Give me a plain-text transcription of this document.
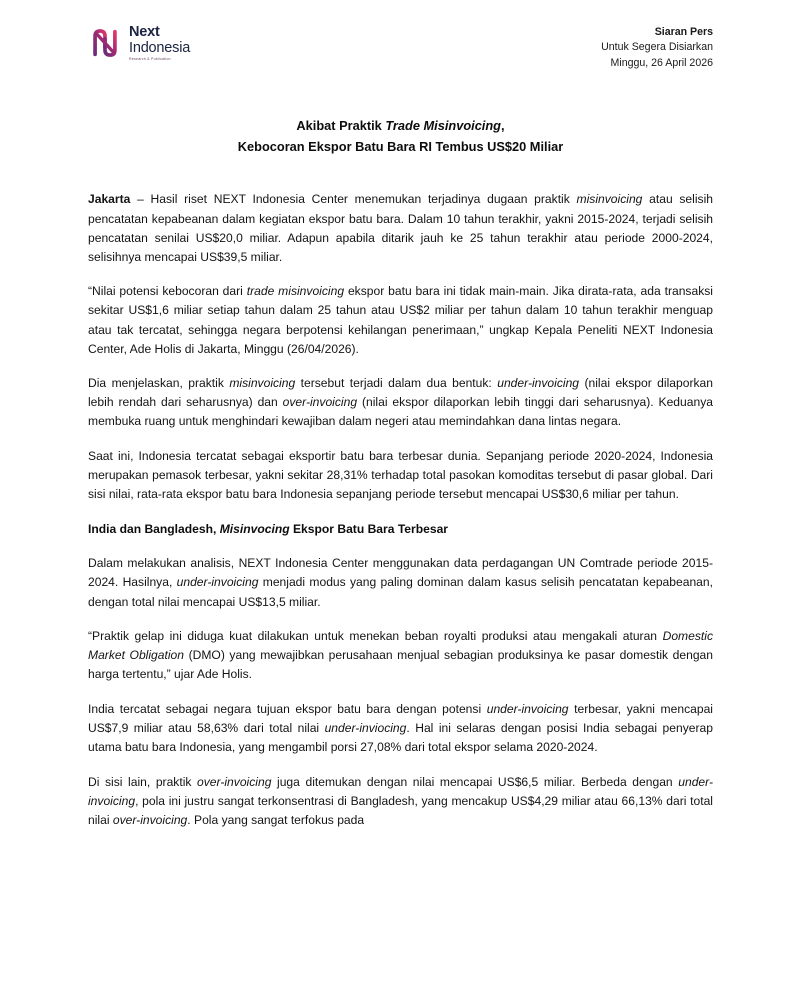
Next
Indonesia
Research & Publication
Siaran Pers
Untuk Segera Disiarkan
Minggu, 26 April 2026
Akibat Praktik Trade Misinvoicing,
Kebocoran Ekspor Batu Bara RI Tembus US$20 Miliar

Jakarta – Hasil riset NEXT Indonesia Center menemukan terjadinya dugaan praktik misinvoicing atau selisih pencatatan kepabeanan dalam kegiatan ekspor batu bara. Dalam 10 tahun terakhir, yakni 2015-2024, terjadi selisih pencatatan senilai US$20,0 miliar. Adapun apabila ditarik jauh ke 25 tahun terakhir atau periode 2000-2024, selisihnya mencapai US$39,5 miliar.

“Nilai potensi kebocoran dari trade misinvoicing ekspor batu bara ini tidak main-main. Jika dirata-rata, ada transaksi sekitar US$1,6 miliar setiap tahun dalam 25 tahun atau US$2 miliar per tahun dalam 10 tahun terakhir menguap atau tak tercatat, sehingga negara berpotensi kehilangan penerimaan,” ungkap Kepala Peneliti NEXT Indonesia Center, Ade Holis di Jakarta, Minggu (26/04/2026).

Dia menjelaskan, praktik misinvoicing tersebut terjadi dalam dua bentuk: under-invoicing (nilai ekspor dilaporkan lebih rendah dari seharusnya) dan over-invoicing (nilai ekspor dilaporkan lebih tinggi dari seharusnya). Keduanya membuka ruang untuk menghindari kewajiban dalam negeri atau memindahkan dana lintas negara.

Saat ini, Indonesia tercatat sebagai eksportir batu bara terbesar dunia. Sepanjang periode 2020-2024, Indonesia merupakan pemasok terbesar, yakni sekitar 28,31% terhadap total pasokan komoditas tersebut di pasar global. Dari sisi nilai, rata-rata ekspor batu bara Indonesia sepanjang periode tersebut mencapai US$30,6 miliar per tahun.

India dan Bangladesh, Misinvocing Ekspor Batu Bara Terbesar

Dalam melakukan analisis, NEXT Indonesia Center menggunakan data perdagangan UN Comtrade periode 2015-2024. Hasilnya, under-invoicing menjadi modus yang paling dominan dalam kasus selisih pencatatan kepabeanan, dengan total nilai mencapai US$13,5 miliar.

“Praktik gelap ini diduga kuat dilakukan untuk menekan beban royalti produksi atau mengakali aturan Domestic Market Obligation (DMO) yang mewajibkan perusahaan menjual sebagian produksinya ke pasar domestik dengan harga tertentu,” ujar Ade Holis.

India tercatat sebagai negara tujuan ekspor batu bara dengan potensi under-invoicing terbesar, yakni mencapai US$7,9 miliar atau 58,63% dari total nilai under-inviocing. Hal ini selaras dengan posisi India sebagai penyerap utama batu bara Indonesia, yang mengambil porsi 27,08% dari total ekspor selama 2020-2024.

Di sisi lain, praktik over-invoicing juga ditemukan dengan nilai mencapai US$6,5 miliar. Berbeda dengan under-invoicing, pola ini justru sangat terkonsentrasi di Bangladesh, yang mencakup US$4,29 miliar atau 66,13% dari total nilai over-invoicing. Pola yang sangat terfokus pada
